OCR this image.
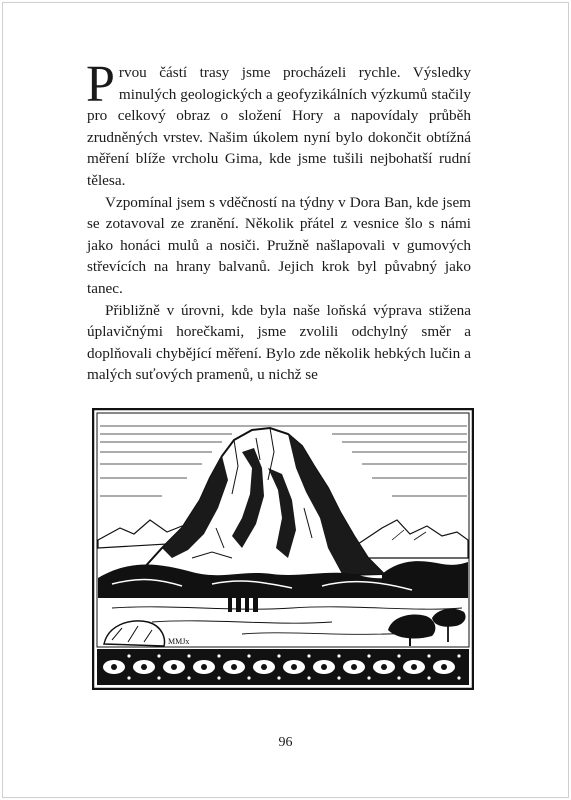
Prvou částí trasy jsme procházeli rychle. Výsledky minulých geologických a geofyzikálních výzkumů stačily pro celkový obraz o složení Hory a napovídaly průběh zrudněných vrstev. Našim úkolem nyní bylo dokončit obtížná měření blíže vrcholu Gima, kde jsme tušili nejbohatší rudní tělesa.

Vzpomínal jsem s vděčností na týdny v Dora Ban, kde jsem se zotavoval ze zranění. Několik přátel z vesnice šlo s námi jako honáci mulů a nosiči. Pružně našlapovali v gumových střevících na hrany balvanů. Jejich krok byl půvabný jako tanec.

Přibližně v úrovni, kde byla naše loňská výprava stižena úplavičnými horečkami, jsme zvolili odchylný směr a doplňovali chybějící měření. Bylo zde několik hebkých lučin a malých suťových pramenů, u nichž se

MMJx
96
